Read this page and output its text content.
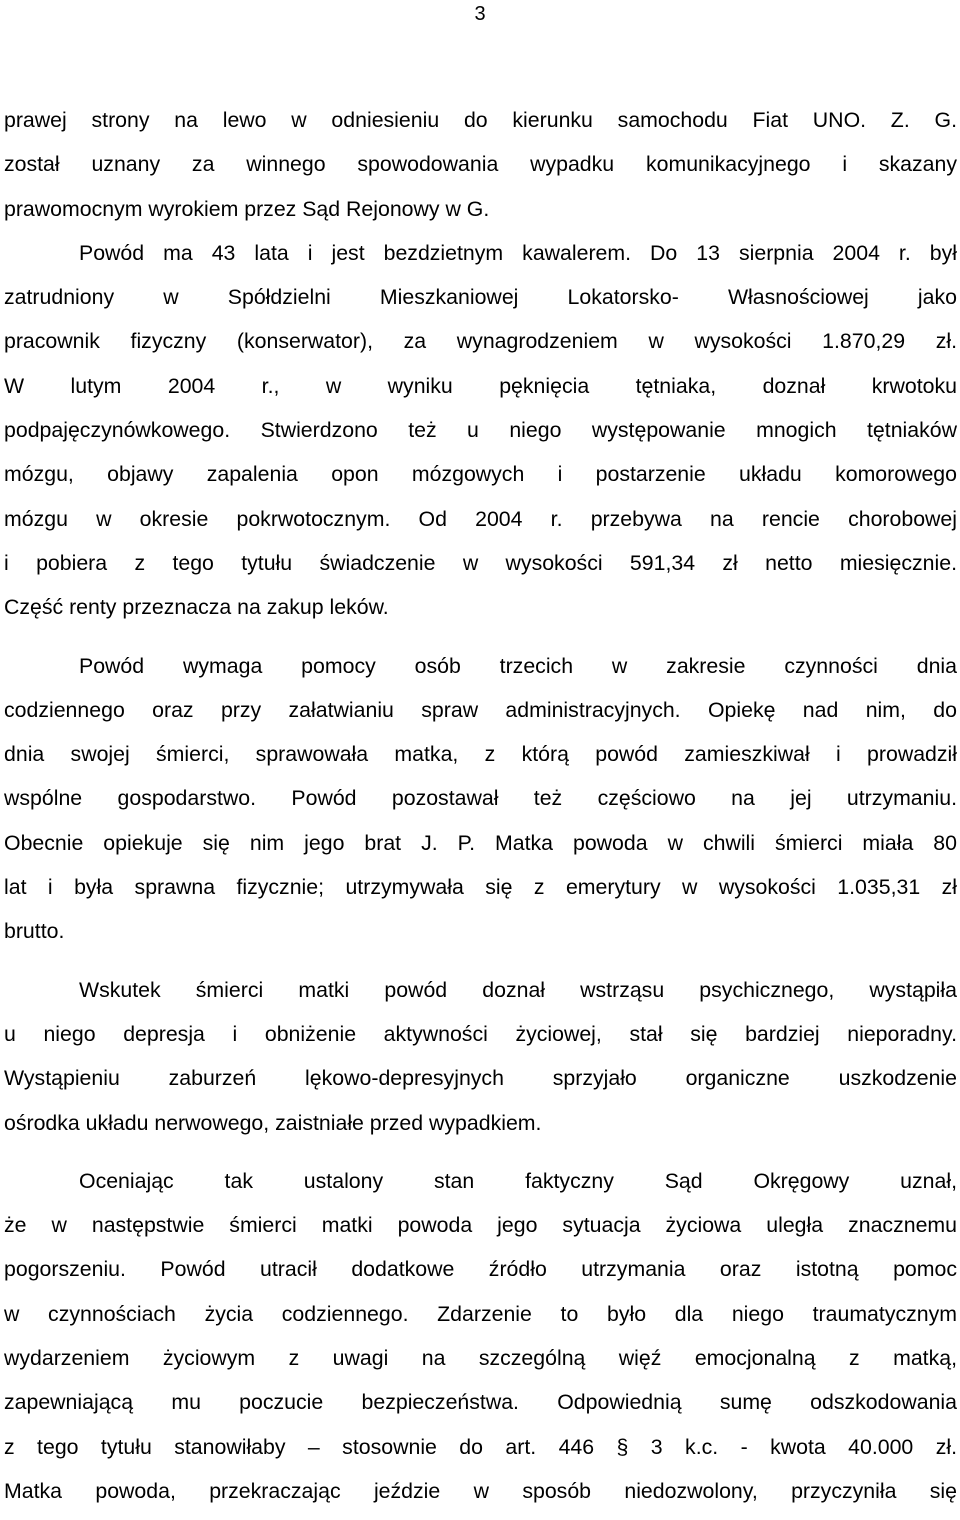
3
prawej strony na lewo w odniesieniu do kierunku samochodu Fiat UNO. Z. G.
został uznany za winnego spowodowania wypadku komunikacyjnego i skazany
prawomocnym wyrokiem przez Sąd Rejonowy w G.
Powód ma 43 lata i jest bezdzietnym kawalerem. Do 13 sierpnia 2004 r. był
zatrudniony w Spółdzielni Mieszkaniowej Lokatorsko- Własnościowej jako
pracownik fizyczny (konserwator), za wynagrodzeniem w wysokości 1.870,29 zł.
W lutym 2004 r., w wyniku pęknięcia tętniaka, doznał krwotoku
podpajęczynówkowego. Stwierdzono też u niego występowanie mnogich tętniaków
mózgu, objawy zapalenia opon mózgowych i postarzenie układu komorowego
mózgu w okresie pokrwotocznym. Od 2004 r. przebywa na rencie chorobowej
i pobiera z tego tytułu świadczenie w wysokości 591,34 zł netto miesięcznie.
Część renty przeznacza na zakup leków.
Powód wymaga pomocy osób trzecich w zakresie czynności dnia
codziennego oraz przy załatwianiu spraw administracyjnych. Opiekę nad nim, do
dnia swojej śmierci, sprawowała matka, z którą powód zamieszkiwał i prowadził
wspólne gospodarstwo. Powód pozostawał też częściowo na jej utrzymaniu.
Obecnie opiekuje się nim jego brat J. P. Matka powoda w chwili śmierci miała 80
lat i była sprawna fizycznie; utrzymywała się z emerytury w wysokości 1.035,31 zł
brutto.
Wskutek śmierci matki powód doznał wstrząsu psychicznego, wystąpiła
u niego depresja i obniżenie aktywności życiowej, stał się bardziej nieporadny.
Wystąpieniu zaburzeń lękowo-depresyjnych sprzyjało organiczne uszkodzenie
ośrodka układu nerwowego, zaistniałe przed wypadkiem.
Oceniając tak ustalony stan faktyczny Sąd Okręgowy uznał,
że w następstwie śmierci matki powoda jego sytuacja życiowa uległa znacznemu
pogorszeniu. Powód utracił dodatkowe źródło utrzymania oraz istotną pomoc
w czynnościach życia codziennego. Zdarzenie to było dla niego traumatycznym
wydarzeniem życiowym z uwagi na szczególną więź emocjonalną z matką,
zapewniającą mu poczucie bezpieczeństwa. Odpowiednią sumę odszkodowania
z tego tytułu stanowiłaby – stosownie do art. 446 § 3 k.c. - kwota 40.000 zł.
Matka powoda, przekraczając jeździe w sposób niedozwolony, przyczyniła się
